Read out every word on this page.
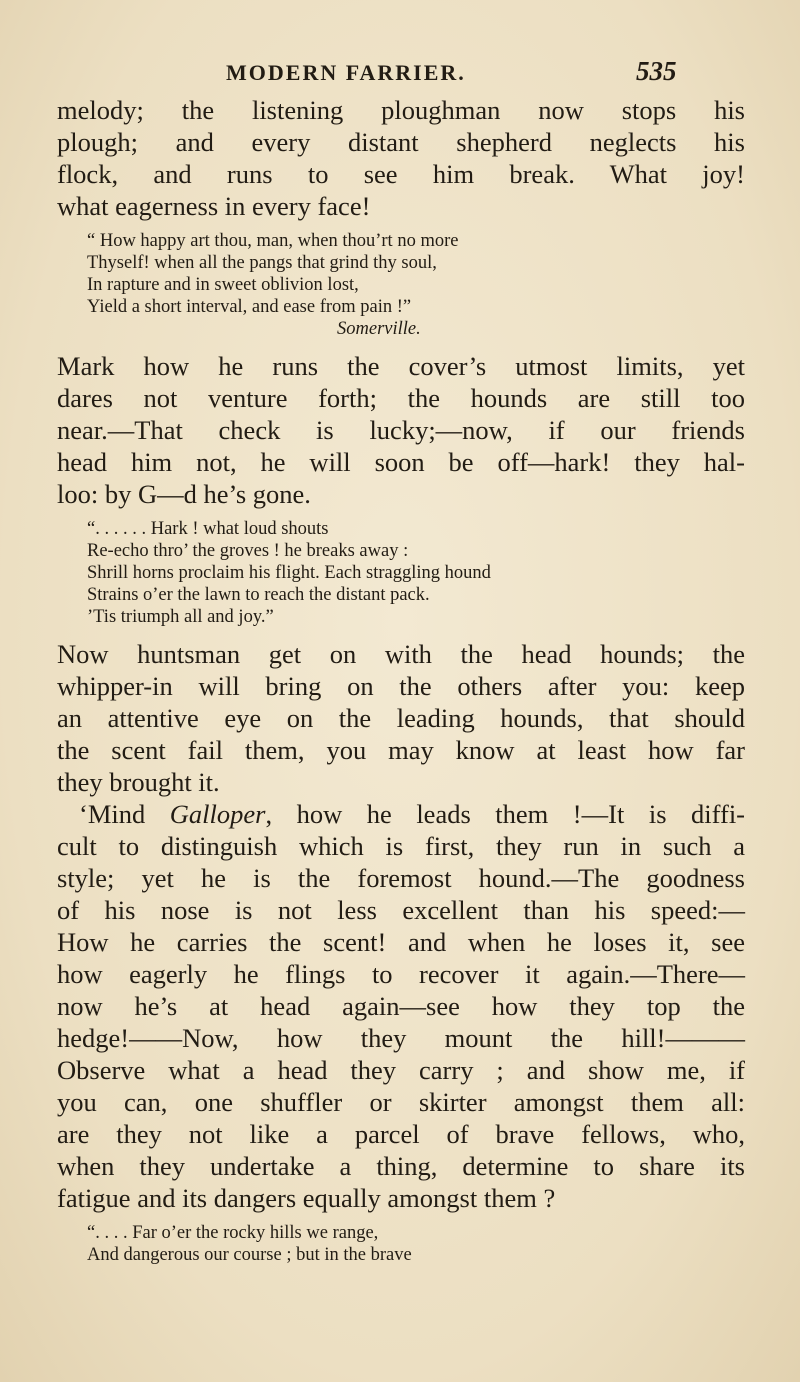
MODERN FARRIER.	535

melody; the listening ploughman now stops his
plough; and every distant shepherd neglects his
flock, and runs to see him break. What joy!
what eagerness in every face!

“ How happy art thou, man, when thou’rt no more
Thyself! when all the pangs that grind thy soul,
In rapture and in sweet oblivion lost,
Yield a short interval, and ease from pain !”
Somerville.

Mark how he runs the cover’s utmost limits, yet
dares not venture forth; the hounds are still too
near.—That check is lucky;—now, if our friends
head him not, he will soon be off—hark! they hal-
loo: by G—d he’s gone.

“. . . . . . Hark ! what loud shouts
Re-echo thro’ the groves ! he breaks away :
Shrill horns proclaim his flight. Each straggling hound
Strains o’er the lawn to reach the distant pack.
’Tis triumph all and joy.”

Now huntsman get on with the head hounds; the
whipper-in will bring on the others after you: keep
an attentive eye on the leading hounds, that should
the scent fail them, you may know at least how far
they brought it.

‘Mind Galloper, how he leads them !—It is diffi-
cult to distinguish which is first, they run in such a
style; yet he is the foremost hound.—The goodness
of his nose is not less excellent than his speed:—
How he carries the scent! and when he loses it, see
how eagerly he flings to recover it again.—There—
now he’s at head again—see how they top the
hedge!——Now, how they mount the hill!———
Observe what a head they carry ; and show me, if
you can, one shuffler or skirter amongst them all:
are they not like a parcel of brave fellows, who,
when they undertake a thing, determine to share its
fatigue and its dangers equally amongst them ?

“. . . . Far o’er the rocky hills we range,
And dangerous our course ; but in the brave
